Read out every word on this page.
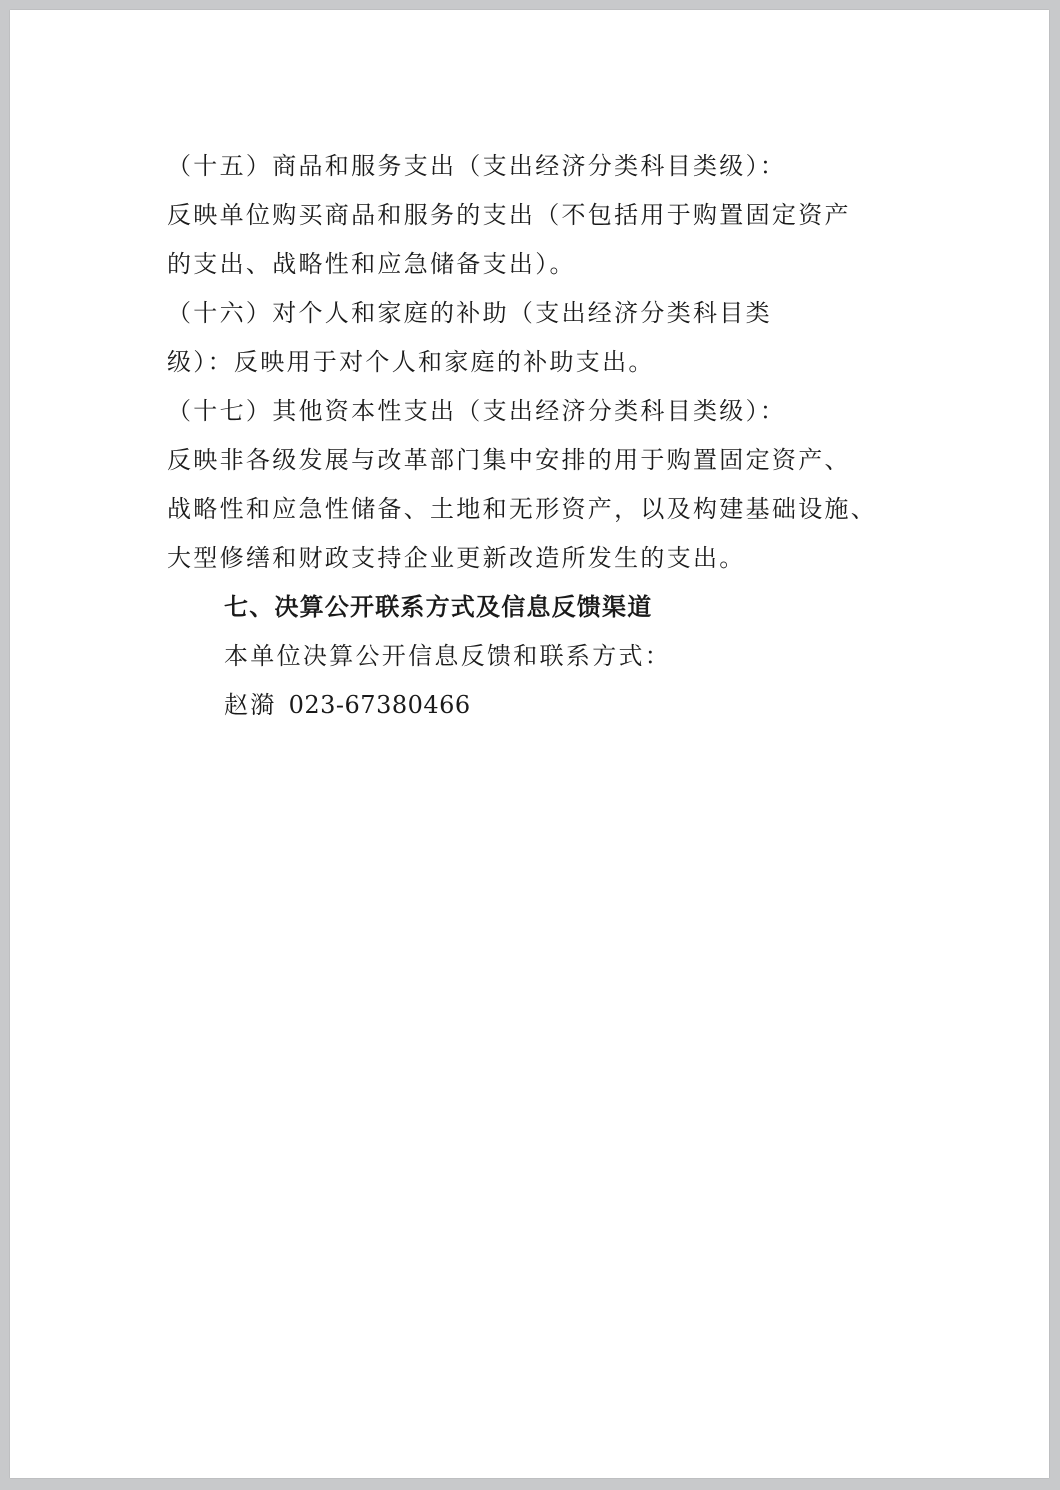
（十五）商品和服务支出（支出经济分类科目类级）：
反映单位购买商品和服务的支出（不包括用于购置固定资产
的支出、战略性和应急储备支出）。
（十六）对个人和家庭的补助（支出经济分类科目类
级）：反映用于对个人和家庭的补助支出。
（十七）其他资本性支出（支出经济分类科目类级）：
反映非各级发展与改革部门集中安排的用于购置固定资产、
战略性和应急性储备、土地和无形资产，以及构建基础设施、
大型修缮和财政支持企业更新改造所发生的支出。
七、决算公开联系方式及信息反馈渠道
本单位决算公开信息反馈和联系方式：
赵漪 023-67380466
